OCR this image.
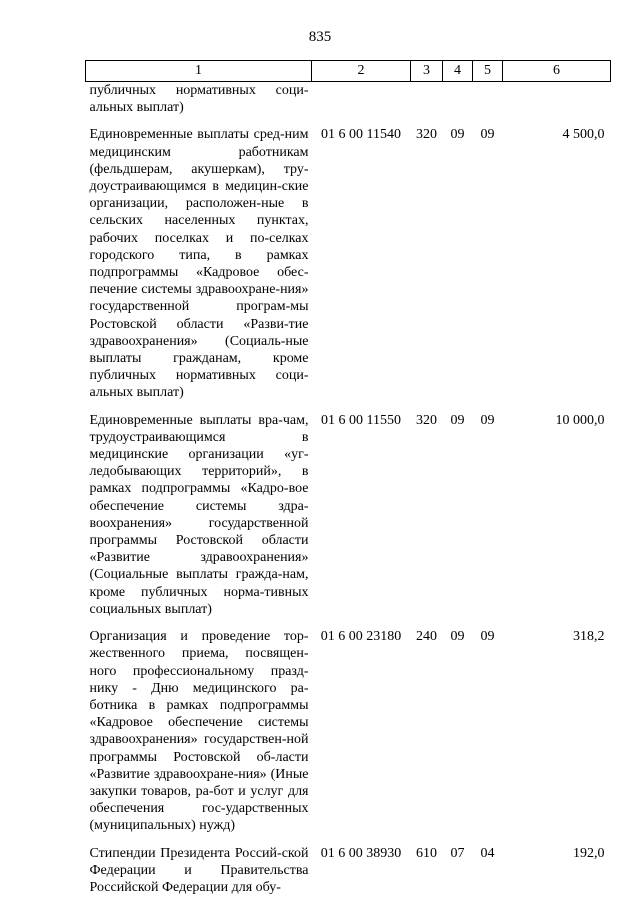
835
1	2	3	4	5	6
публичных нормативных соци-альных выплат)					
Единовременные выплаты сред-ним медицинским работникам (фельдшерам, акушеркам), тру-доустраивающимся в медицин-ские организации, расположен-ные в сельских населенных пунктах, рабочих поселках и по-селках городского типа, в рамках подпрограммы «Кадровое обес-печение системы здравоохране-ния» государственной програм-мы Ростовской области «Разви-тие здравоохранения» (Социаль-ные выплаты гражданам, кроме публичных нормативных соци-альных выплат)	01 6 00 11540	320	09	09	4 500,0
Единовременные выплаты вра-чам, трудоустраивающимся в медицинские организации «уг-ледобывающих территорий», в рамках подпрограммы «Кадро-вое обеспечение системы здра-воохранения» государственной программы Ростовской области «Развитие здравоохранения» (Социальные выплаты гражда-нам, кроме публичных норма-тивных социальных выплат)	01 6 00 11550	320	09	09	10 000,0
Организация и проведение тор-жественного приема, посвящен-ного профессиональному празд-нику - Дню медицинского ра-ботника в рамках подпрограммы «Кадровое обеспечение системы здравоохранения» государствен-ной программы Ростовской об-ласти «Развитие здравоохране-ния» (Иные закупки товаров, ра-бот и услуг для обеспечения гос-ударственных (муниципальных) нужд)	01 6 00 23180	240	09	09	318,2
Стипендии Президента Россий-ской Федерации и Правительства Российской Федерации для обу-	01 6 00 38930	610	07	04	192,0
